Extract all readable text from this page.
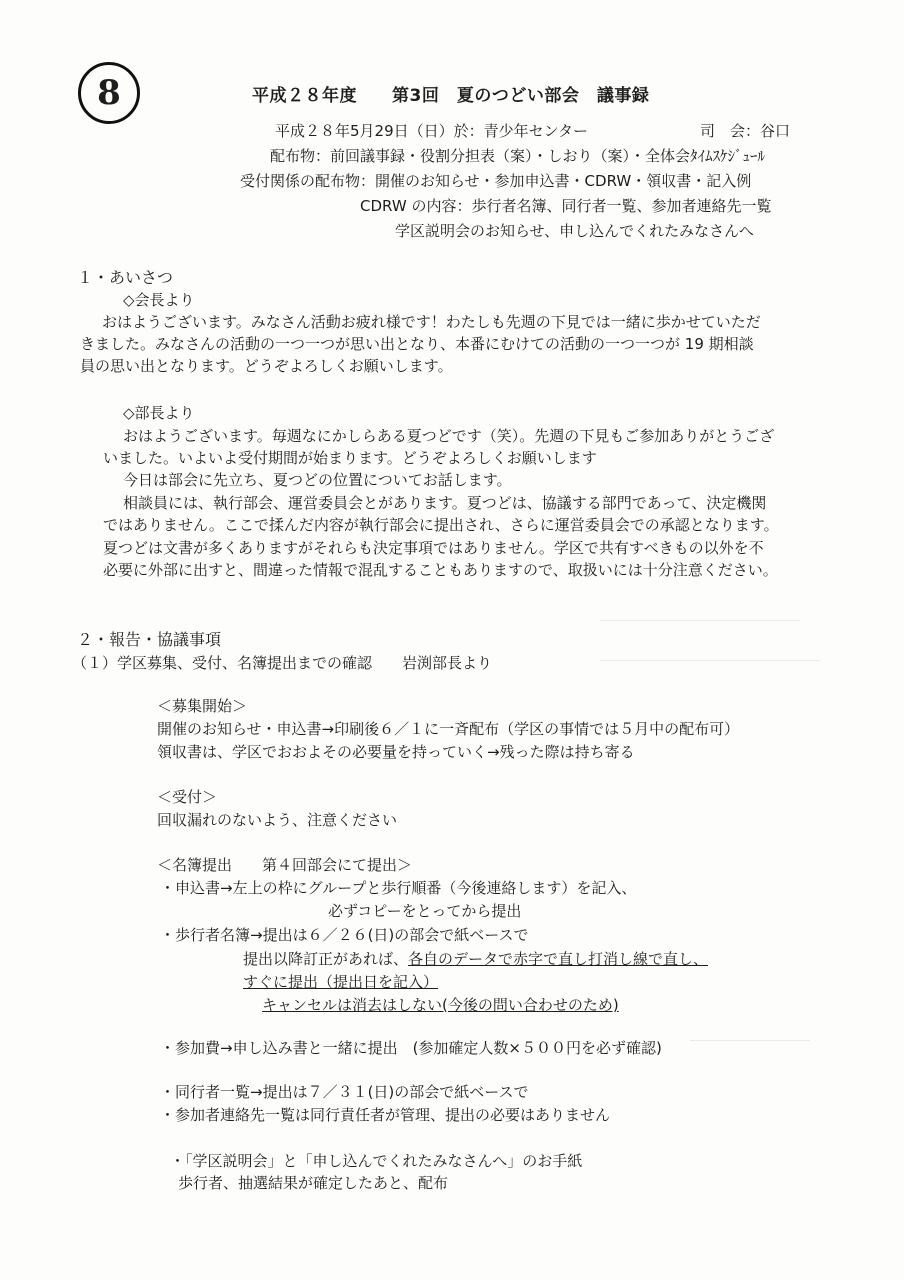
8	平成２８年度　　第3回　夏のつどい部会　議事録
平成２８年5月29日（日）於：青少年センター	司　会：谷口
配布物：前回議事録・役割分担表（案）・しおり（案）・全体会ﾀｲﾑｽｹｼﾞｭｰﾙ
受付関係の配布物：開催のお知らせ・参加申込書・CDRW・領収書・記入例
CDRW の内容：歩行者名簿、同行者一覧、参加者連絡先一覧
学区説明会のお知らせ、申し込んでくれたみなさんへ
１・あいさつ
◇会長より
おはようございます。みなさん活動お疲れ様です！わたしも先週の下見では一緒に歩かせていただ
きました。みなさんの活動の一つ一つが思い出となり、本番にむけての活動の一つ一つが 19 期相談
員の思い出となります。どうぞよろしくお願いします。
◇部長より
おはようございます。毎週なにかしらある夏つどです（笑）。先週の下見もご参加ありがとうござ
いました。いよいよ受付期間が始まります。どうぞよろしくお願いします
今日は部会に先立ち、夏つどの位置についてお話します。
相談員には、執行部会、運営委員会とがあります。夏つどは、協議する部門であって、決定機関
ではありません。ここで揉んだ内容が執行部会に提出され、さらに運営委員会での承認となります。
夏つどは文書が多くありますがそれらも決定事項ではありません。学区で共有すべきもの以外を不
必要に外部に出すと、間違った情報で混乱することもありますので、取扱いには十分注意ください。
２・報告・協議事項
（１）学区募集、受付、名簿提出までの確認　　岩渕部長より
＜募集開始＞
開催のお知らせ・申込書→印刷後６／１に一斉配布（学区の事情では５月中の配布可）
領収書は、学区でおおよその必要量を持っていく→残った際は持ち寄る
＜受付＞
回収漏れのないよう、注意ください
＜名簿提出　　第４回部会にて提出＞
・申込書→左上の枠にグループと歩行順番（今後連絡します）を記入、
必ずコピーをとってから提出
・歩行者名簿→提出は６／２６(日)の部会で紙ベースで
提出以降訂正があれば、各自のデータで赤字で直し打消し線で直し、
すぐに提出（提出日を記入）
キャンセルは消去はしない(今後の問い合わせのため)
・参加費→申し込み書と一緒に提出　(参加確定人数×５００円を必ず確認)
・同行者一覧→提出は７／３１(日)の部会で紙ベースで
・参加者連絡先一覧は同行責任者が管理、提出の必要はありません
・「学区説明会」と「申し込んでくれたみなさんへ」のお手紙
歩行者、抽選結果が確定したあと、配布
